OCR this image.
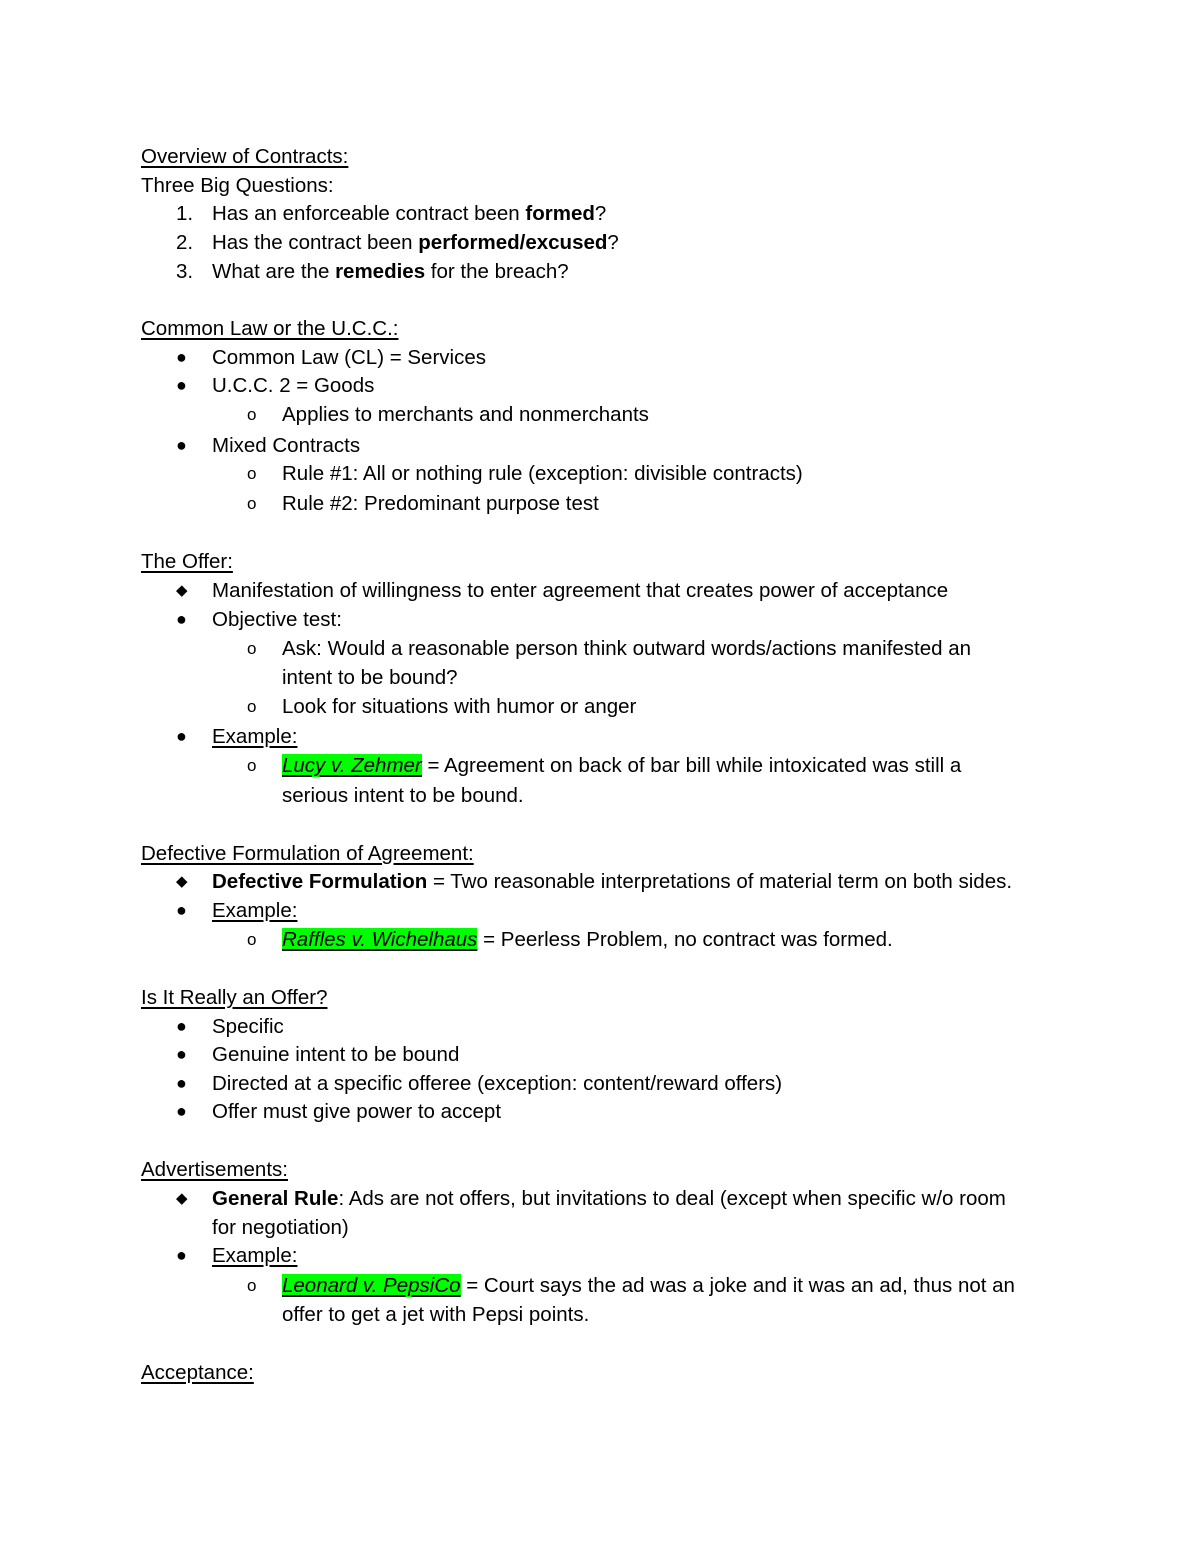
Overview of Contracts:
Three Big Questions:
1. Has an enforceable contract been formed?
2. Has the contract been performed/excused?
3. What are the remedies for the breach?
Common Law or the U.C.C.:
● Common Law (CL) = Services
● U.C.C. 2 = Goods
o Applies to merchants and nonmerchants
● Mixed Contracts
o Rule #1: All or nothing rule (exception: divisible contracts)
o Rule #2: Predominant purpose test
The Offer:
◆ Manifestation of willingness to enter agreement that creates power of acceptance
● Objective test:
o Ask: Would a reasonable person think outward words/actions manifested an
intent to be bound?
o Look for situations with humor or anger
● Example:
o Lucy v. Zehmer = Agreement on back of bar bill while intoxicated was still a
serious intent to be bound.
Defective Formulation of Agreement:
◆ Defective Formulation = Two reasonable interpretations of material term on both sides.
● Example:
o Raffles v. Wichelhaus = Peerless Problem, no contract was formed.
Is It Really an Offer?
● Specific
● Genuine intent to be bound
● Directed at a specific offeree (exception: content/reward offers)
● Offer must give power to accept
Advertisements:
◆ General Rule: Ads are not offers, but invitations to deal (except when specific w/o room
for negotiation)
● Example:
o Leonard v. PepsiCo = Court says the ad was a joke and it was an ad, thus not an
offer to get a jet with Pepsi points.
Acceptance:
